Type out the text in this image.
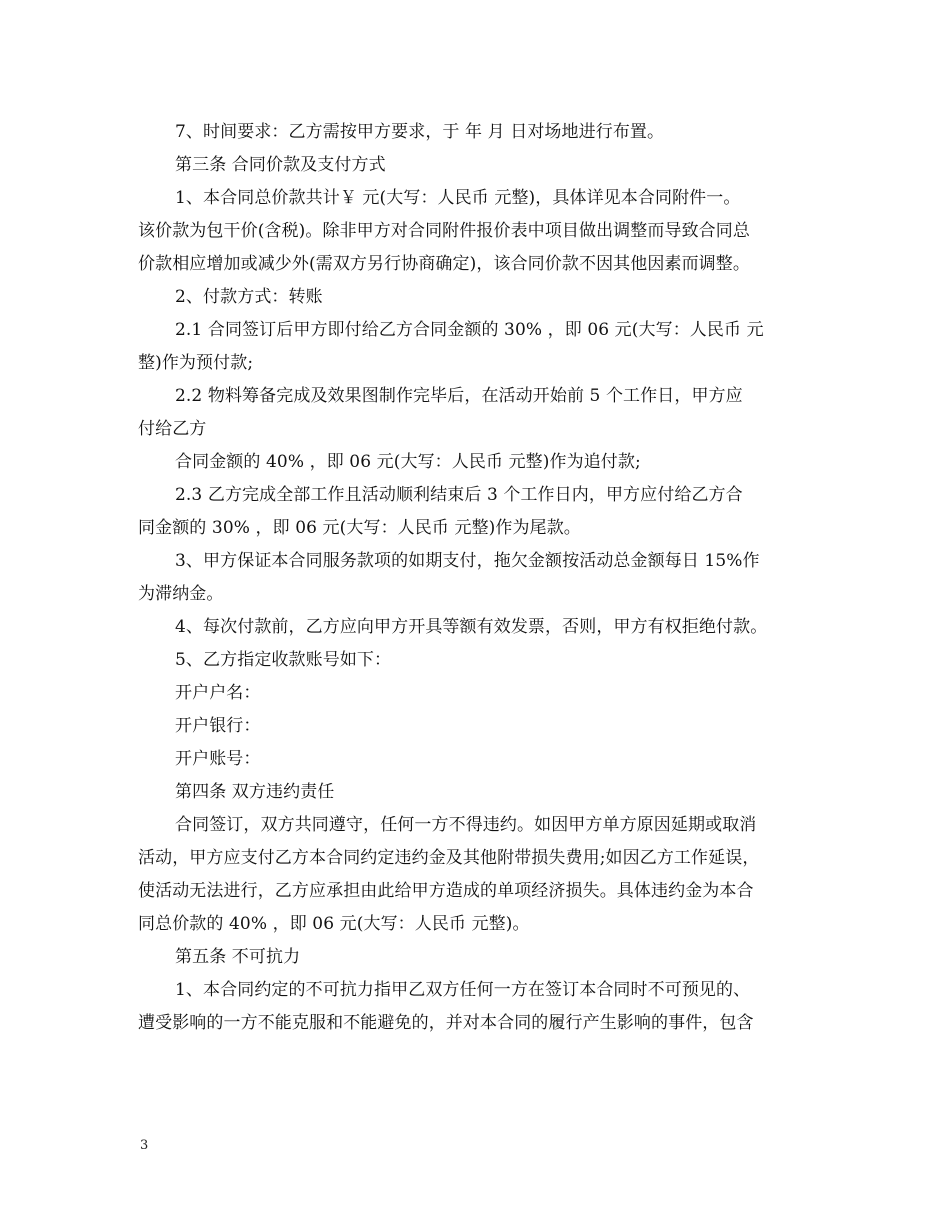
7、时间要求：乙方需按甲方要求，于 年 月 日对场地进行布置。
第三条 合同价款及支付方式
1、本合同总价款共计￥ 元(大写：人民币 元整)，具体详见本合同附件一。
该价款为包干价(含税)。除非甲方对合同附件报价表中项目做出调整而导致合同总
价款相应增加或减少外(需双方另行协商确定)，该合同价款不因其他因素而调整。
2、付款方式：转账
2.1 合同签订后甲方即付给乙方合同金额的 30% ，即 06 元(大写：人民币 元
整)作为预付款;
2.2 物料筹备完成及效果图制作完毕后，在活动开始前 5 个工作日，甲方应
付给乙方
合同金额的 40% ，即 06 元(大写：人民币 元整)作为追付款;
2.3 乙方完成全部工作且活动顺利结束后 3 个工作日内，甲方应付给乙方合
同金额的 30% ，即 06 元(大写：人民币 元整)作为尾款。
3、甲方保证本合同服务款项的如期支付，拖欠金额按活动总金额每日 15%作
为滞纳金。
4、每次付款前，乙方应向甲方开具等额有效发票，否则，甲方有权拒绝付款。
5、乙方指定收款账号如下：
开户户名：
开户银行：
开户账号：
第四条 双方违约责任
合同签订，双方共同遵守，任何一方不得违约。如因甲方单方原因延期或取消
活动，甲方应支付乙方本合同约定违约金及其他附带损失费用;如因乙方工作延误，
使活动无法进行，乙方应承担由此给甲方造成的单项经济损失。具体违约金为本合
同总价款的 40% ，即 06 元(大写：人民币 元整)。
第五条 不可抗力
1、本合同约定的不可抗力指甲乙双方任何一方在签订本合同时不可预见的、
遭受影响的一方不能克服和不能避免的，并对本合同的履行产生影响的事件，包含
3
